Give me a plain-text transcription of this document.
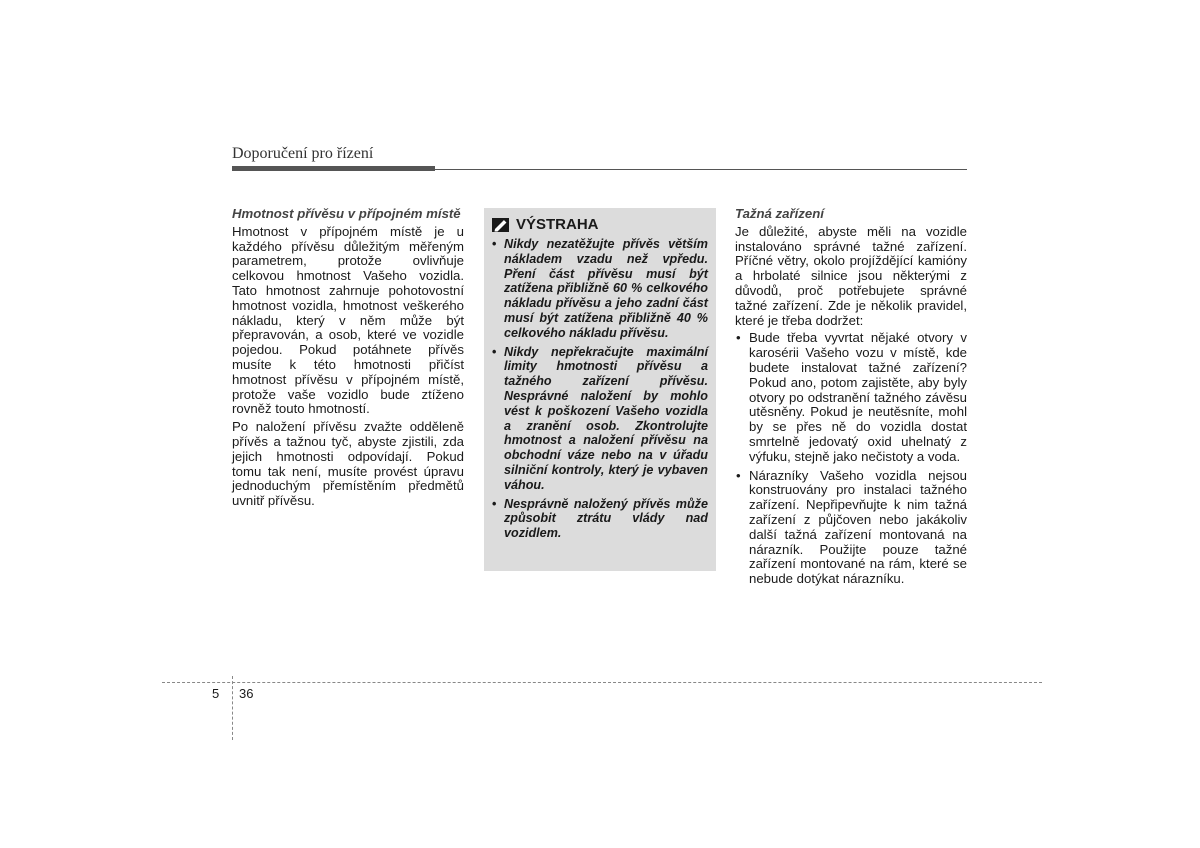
Doporučení pro řízení

Hmotnost přívěsu v přípojném místě

Hmotnost v přípojném místě je u každého přívěsu důležitým měřeným parametrem, protože ovlivňuje celkovou hmotnost Vašeho vozidla. Tato hmotnost zahrnuje pohotovostní hmotnost vozidla, hmotnost veškerého nákladu, který v něm může být přepravován, a osob, které ve vozidle pojedou. Pokud potáhnete přívěs musíte k této hmotnosti přičíst hmotnost přívěsu v přípojném místě, protože vaše vozidlo bude ztíženo rovněž touto hmotností.

Po naložení přívěsu zvažte odděleně přívěs a tažnou tyč, abyste zjistili, zda jejich hmotnosti odpovídají. Pokud tomu tak není, musíte provést úpravu jednoduchým přemístěním předmětů uvnitř přívěsu.

VÝSTRAHA
• Nikdy nezatěžujte přívěs větším nákladem vzadu než vpředu. Pření část přívěsu musí být zatížena přibližně 60 % celkového nákladu přívěsu a jeho zadní část musí být zatížena přibližně 40 % celkového nákladu přívěsu.
• Nikdy nepřekračujte maximální limity hmotnosti přívěsu a tažného zařízení přívěsu. Nesprávné naložení by mohlo vést k poškození Vašeho vozidla a zranění osob. Zkontrolujte hmotnost a naložení přívěsu na obchodní váze nebo na v úřadu silniční kontroly, který je vybaven váhou.
• Nesprávně naložený přívěs může způsobit ztrátu vlády nad vozidlem.

Tažná zařízení

Je důležité, abyste měli na vozidle instalováno správné tažné zařízení. Příčné větry, okolo projíždějící kamióny a hrbolaté silnice jsou některými z důvodů, proč potřebujete správné tažné zařízení. Zde je několik pravidel, které je třeba dodržet:

• Bude třeba vyvrtat nějaké otvory v karosérii Vašeho vozu v místě, kde budete instalovat tažné zařízení? Pokud ano, potom zajistěte, aby byly otvory po odstranění tažného závěsu utěsněny. Pokud je neutěsníte, mohl by se přes ně do vozidla dostat smrtelně jedovatý oxid uhelnatý z výfuku, stejně jako nečistoty a voda.
• Nárazníky Vašeho vozidla nejsou konstruovány pro instalaci tažného zařízení. Nepřipevňujte k nim tažná zařízení z půjčoven nebo jakákoliv další tažná zařízení montovaná na nárazník. Použijte pouze tažné zařízení montované na rám, které se nebude dotýkat nárazníku.
5 36
